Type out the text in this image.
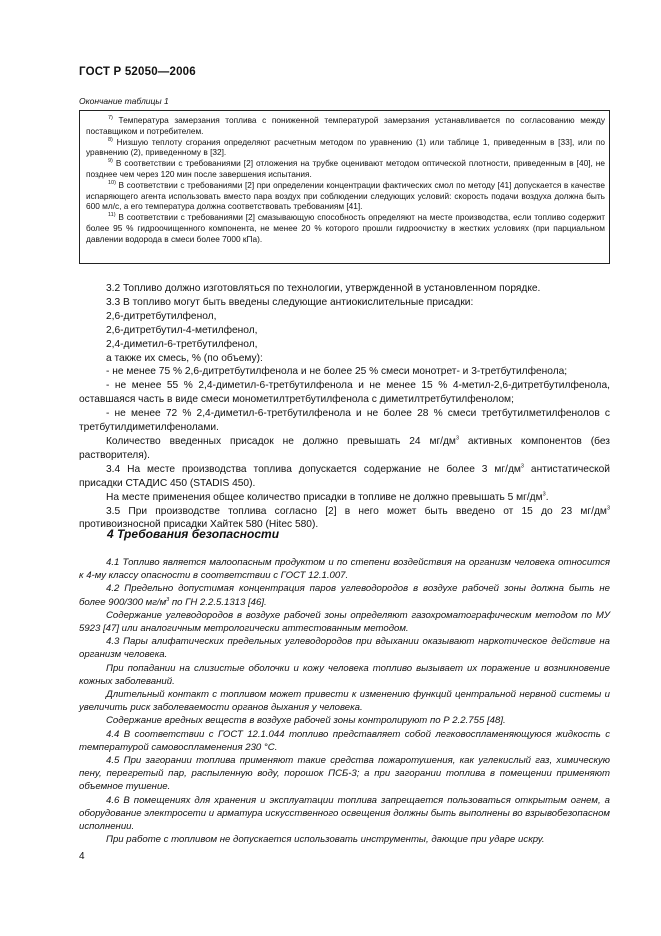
ГОСТ Р 52050—2006
Окончание таблицы 1

$^{7)}$ Температура замерзания топлива с пониженной температурой замерзания устанавливается по согласованию между поставщиком и потребителем.

$^{8)}$ Низшую теплоту сгорания определяют расчетным методом по уравнению (1) или таблице 1, приведенным в [33], или по уравнению (2), приведенному в [32].

$^{9)}$ В соответствии с требованиями [2] отложения на трубке оценивают методом оптической плотности, приведенным в [40], не позднее чем через 120 мин после завершения испытания.

$^{10)}$ В соответствии с требованиями [2] при определении концентрации фактических смол по методу [41] допускается в качестве испаряющего агента использовать вместо пара воздух при соблюдении следующих условий: скорость подачи воздуха должна быть 600 мл/с, а его температура должна соответствовать требованиям [41].

$^{11)}$ В соответствии с требованиями [2] смазывающую способность определяют на месте производства, если топливо содержит более 95 % гидроочищенного компонента, не менее 20 % которого прошли гидроочистку в жестких условиях (при парциальном давлении водорода в смеси более 7000 кПа).

3.2 Топливо должно изготовляться по технологии, утвержденной в установленном порядке.

3.3 В топливо могут быть введены следующие антиокислительные присадки:

2,6-дитретбутилфенол,

2,6-дитретбутил-4-метилфенол,

2,4-диметил-6-третбутилфенол,

а также их смесь, % (по объему):

- не менее 75 % 2,6-дитретбутилфенола и не более 25 % смеси монотрет- и 3-третбутилфенола;

- не менее 55 % 2,4-диметил-6-третбутилфенола и не менее 15 % 4-метил-2,6-дитретбутилфенола, оставшаяся часть в виде смеси монометилтретбутилфенола с диметилтретбутилфенолом;

- не менее 72 % 2,4-диметил-6-третбутилфенола и не более 28 % смеси третбутилметилфенолов с третбутилдиметилфенолами.

Количество введенных присадок не должно превышать 24 $мг/дм^3$ активных компонентов (без растворителя).

3.4 На месте производства топлива допускается содержание не более 3 $мг/дм^3$ антистатической присадки СТАДИС 450 (STADIS 450).

На месте применения общее количество присадки в топливе не должно превышать 5 $мг/дм^3$.

3.5 При производстве топлива согласно [2] в него может быть введено от 15 до 23 $мг/дм^3$ противоизносной присадки Хайтек 580 (Hitec 580).

4 Требования безопасности

4.1 Топливо является малоопасным продуктом и по степени воздействия на организм человека относится к 4-му классу опасности в соответствии с ГОСТ 12.1.007.

4.2 Предельно допустимая концентрация паров углеводородов в воздухе рабочей зоны должна быть не более 900/300 $мг/м^3$ по ГН 2.2.5.1313 [46].

Содержание углеводородов в воздухе рабочей зоны определяют газохроматографическим методом по МУ 5923 [47] или аналогичным метрологически аттестованным методом.

4.3 Пары алифатических предельных углеводородов при вдыхании оказывают наркотическое действие на организм человека.

При попадании на слизистые оболочки и кожу человека топливо вызывает их поражение и возникновение кожных заболеваний.

Длительный контакт с топливом может привести к изменению функций центральной нервной системы и увеличить риск заболеваемости органов дыхания у человека.

Содержание вредных веществ в воздухе рабочей зоны контролируют по Р 2.2.755 [48].

4.4 В соответствии с ГОСТ 12.1.044 топливо представляет собой легковоспламеняющуюся жидкость с температурой самовоспламенения 230 °С.

4.5 При загорании топлива применяют такие средства пожаротушения, как углекислый газ, химическую пену, перегретый пар, распыленную воду, порошок ПСБ-3; а при загорании топлива в помещении применяют объемное тушение.

4.6 В помещениях для хранения и эксплуатации топлива запрещается пользоваться открытым огнем, а оборудование электросети и арматура искусственного освещения должны быть выполнены во взрывобезопасном исполнении.

При работе с топливом не допускается использовать инструменты, дающие при ударе искру.

4
